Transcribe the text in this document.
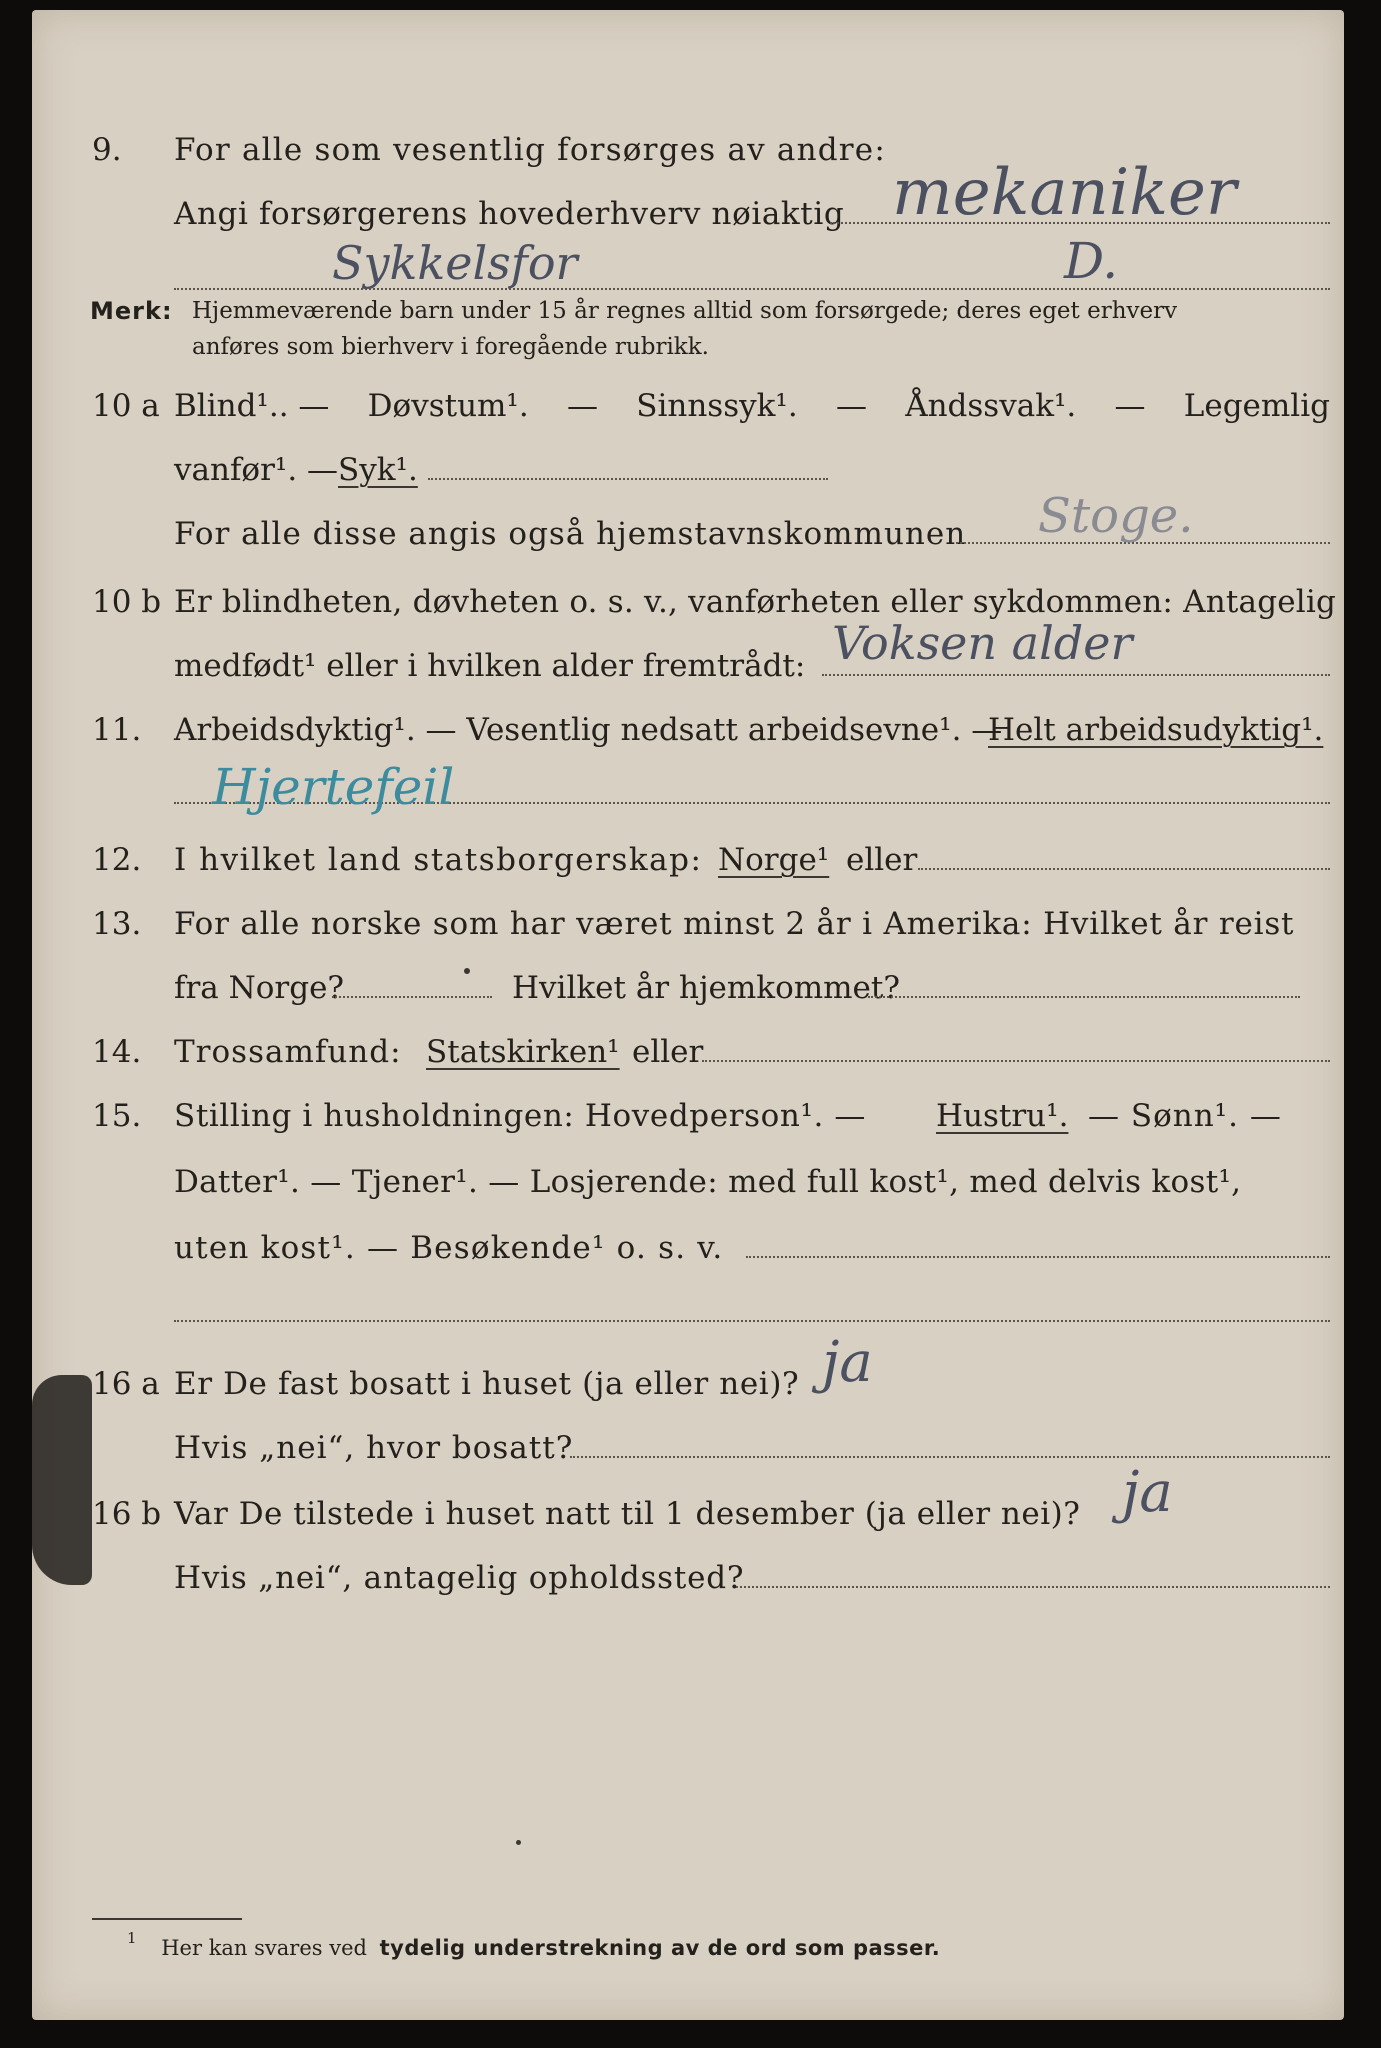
9.	For alle som vesentlig forsørges av andre:
Angi forsørgerens hovederhverv nøiaktig mekaniker
Sykkelsfor	D.
Merk: Hjemmeværende barn under 15 år regnes alltid som forsørgede; deres eget erhverv
anføres som bierhverv i foregående rubrikk.
10 a Blind¹.. — Døvstum¹. — Sinnssyk¹. — Åndssvak¹. — Legemlig
vanfør¹. — Syk¹.
For alle disse angis også hjemstavnskommunen Stoge.
10 b Er blindheten, døvheten o. s. v., vanførheten eller sykdommen: Antagelig
medfødt¹ eller i hvilken alder fremtrådt: Voksen alder
11.	Arbeidsdyktig¹. — Vesentlig nedsatt arbeidsevne¹. —
Helt arbeidsudyktig¹.
Hjertefeil
12.	I hvilket land statsborgerskap: Norge¹ eller
13.	For alle norske som har været minst 2 år i Amerika: Hvilket år reist
fra Norge?	Hvilket år hjemkommet?
14.	Trossamfund: Statskirken¹ eller
15.	Stilling i husholdningen: Hovedperson¹. — Hustru¹. — Sønn¹. —
Datter¹. — Tjener¹. — Losjerende: med full kost¹, med delvis kost¹,
uten kost¹. — Besøkende¹ o. s. v.
16 a Er De fast bosatt i huset (ja eller nei)? ja
Hvis „nei“, hvor bosatt?
16 b Var De tilstede i huset natt til 1 desember (ja eller nei)? ja
Hvis „nei“, antagelig opholdssted?
$^1$ Her kan svares ved tydelig understrekning av de ord som passer.
